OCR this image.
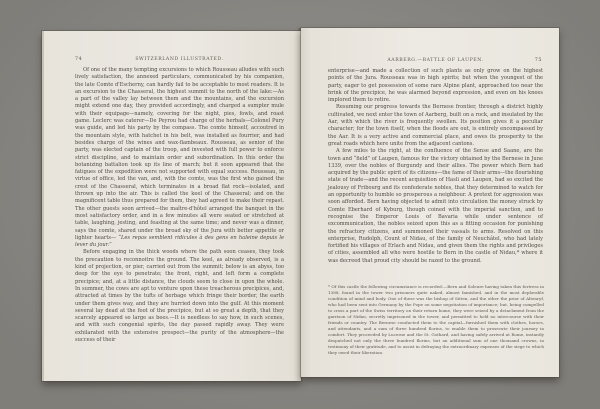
74	SWITZERLAND ILLUSTRATED.

Of one of the many tempting excursions to which Rousseau alludes with such lively satisfaction, the annexed particulars, communicated by his companion, the late Comte d'Escherny, can hardly fail to be acceptable to most readers. It is an excursion to the Chasseral, the highest summit to the north of the lake:—As a part of the valley lay between them and the mountains, and the excursion might extend one day, they provided accordingly, and charged a sumpter mule with their equipage—namely, covering for the night, pies, fowls, and roast game. Leclerc was caterer—De Peyrou had charge of the herbals—Colonel Pury was guide, and led his party by the compass. The comte himself, accoutred in the mountain style, with hatchet in his belt, was installed as fourrier, and had besides charge of the wines and wax-flambeaux. Rousseau, as senior of the party, was elected captain of the troop, and invested with full power to enforce strict discipline, and to maintain order and subordination. In this order the botanizing battalion took up its line of march; but it soon appeared that the fatigues of the expedition were not supported with equal success. Rousseau, in virtue of office, led the van, and, with the comte, was the first who gained the crest of the Chasseral, which terminates in a broad flat rock—isolated, and thrown up into the air. This is called the keel of the Chasseral; and on the magnificent table thus prepared for them, they had agreed to make their repast. The other guests soon arrived—the maître-d'hôtel arranged the banquet in the most satisfactory order, and in a few minutes all were seated or stretched at table, laughing, jesting, and feasting at the same time; and never was a dinner, says the comte, shared under the broad sky of the Jura with better appetite or lighter hearts— “Les repas semblent ridicules à des gens en haleine depuis le lever du jour.”

Before engaging in the thick woods where the path soon ceases, they took the precaution to reconnoitre the ground. The keel, as already observed, is a kind of projection, or pier, carried out from the summit; below is an abyss, too deep for the eye to penetrate; the front, right, and left form a complete precipice; and, at a little distance, the clouds seem to close in upon the whole. In summer, the cows are apt to venture upon these treacherous precipices, and, attracted at times by the tufts of herbage which fringe their border, the earth under them gives way, and they are hurried down into the gulf. At this moment several lay dead at the foot of the precipice, but at so great a depth, that they scarcely appeared so large as bees.—It is needless to say how, in such scenes, and with such congenial spirits, the day passed rapidly away. They were exhilarated with the extensive prospect—the purity of the atmosphere—the success of their

AARBERG.—BATTLE OF LAUPEN.	75

enterprise—and made a collection of such plants as only grow on the highest points of the Jura. Rousseau was in high spirits; but when the youngest of the party, eager to get possession of some rare Alpine plant, approached too near the brink of the precipice, he was alarmed beyond expression, and even on his knees implored them to retire.

Resuming our progress towards the Bernese frontier, through a district highly cultivated, we next enter the town of Aarberg, built on a rock, and insulated by the Aar, with which the river is frequently swollen. Its position gives it a peculiar character; for the town itself, when the floods are out, is entirely encompassed by the Aar. It is a very active and commercial place, and owes its prosperity to the great roads which here unite from the adjacent cantons.

A few miles to the right, at the confluence of the Sense and Saane, are the town and “field” of Laupen, famous for the victory obtained by the Bernese in June 1339, over the nobles of Burgundy and their allies. The power which Bern had acquired by the public spirit of its citizens—the fame of their arms—the flourishing state of trade—and the recent acquisition of Hasli and Laupen, had so excited the jealousy of Fribourg and its confederate nobles, that they determined to watch for an opportunity to humble so prosperous a neighbour. A pretext for aggression was soon afforded. Bern having objected to admit into circulation the money struck by Comte Eberhard of Kyburg, though coined with the imperial sanction, and to recognise the Emperor Louis of Bavaria while under sentence of excommunication, the nobles seized upon this as a fitting occasion for punishing the refractory citizens, and summoned their vassals to arms. Resolved on this enterprise, Rudolph, Count of Nidau, of the family of Neuchâtel, who had lately fortified his villages of Erlach and Nidau, and given them the rights and privileges of cities, assembled all who were hostile to Bern in the castle of Nidau,* where it was decreed that proud city should be razed to the ground.

* Of this castle the following circumstance is recorded:—Bern and Soleure having taken this fortress in 1388, found in the tower two prisoners quite naked, almost famished, and in the most deplorable condition of mind and body. One of these was the bishop of Sitten, and the other the prior of Altenryf, who had been sent into Germany by the Pope on some negotiation of importance; but, being compelled to cross a part of the Swiss territory on their return home, they were seized by a detachment from the garrison of Nidau, secretly imprisoned in the tower, and permitted to hold no intercourse with their friends or country. The Bernese conducted them to the capital—furnished them with clothes, horses, and attendants, and a sum of three hundred florins, to enable them to prosecute their journey in comfort. They proceeded by Lucerne and the St. Gothard, and having safely arrived at Rome, instantly despatched not only the three hundred florins, but an additional sum of one thousand crowns, in testimony of their gratitude, and to assist in defraying the extraordinary expenses of the siege to which they owed their liberation.
